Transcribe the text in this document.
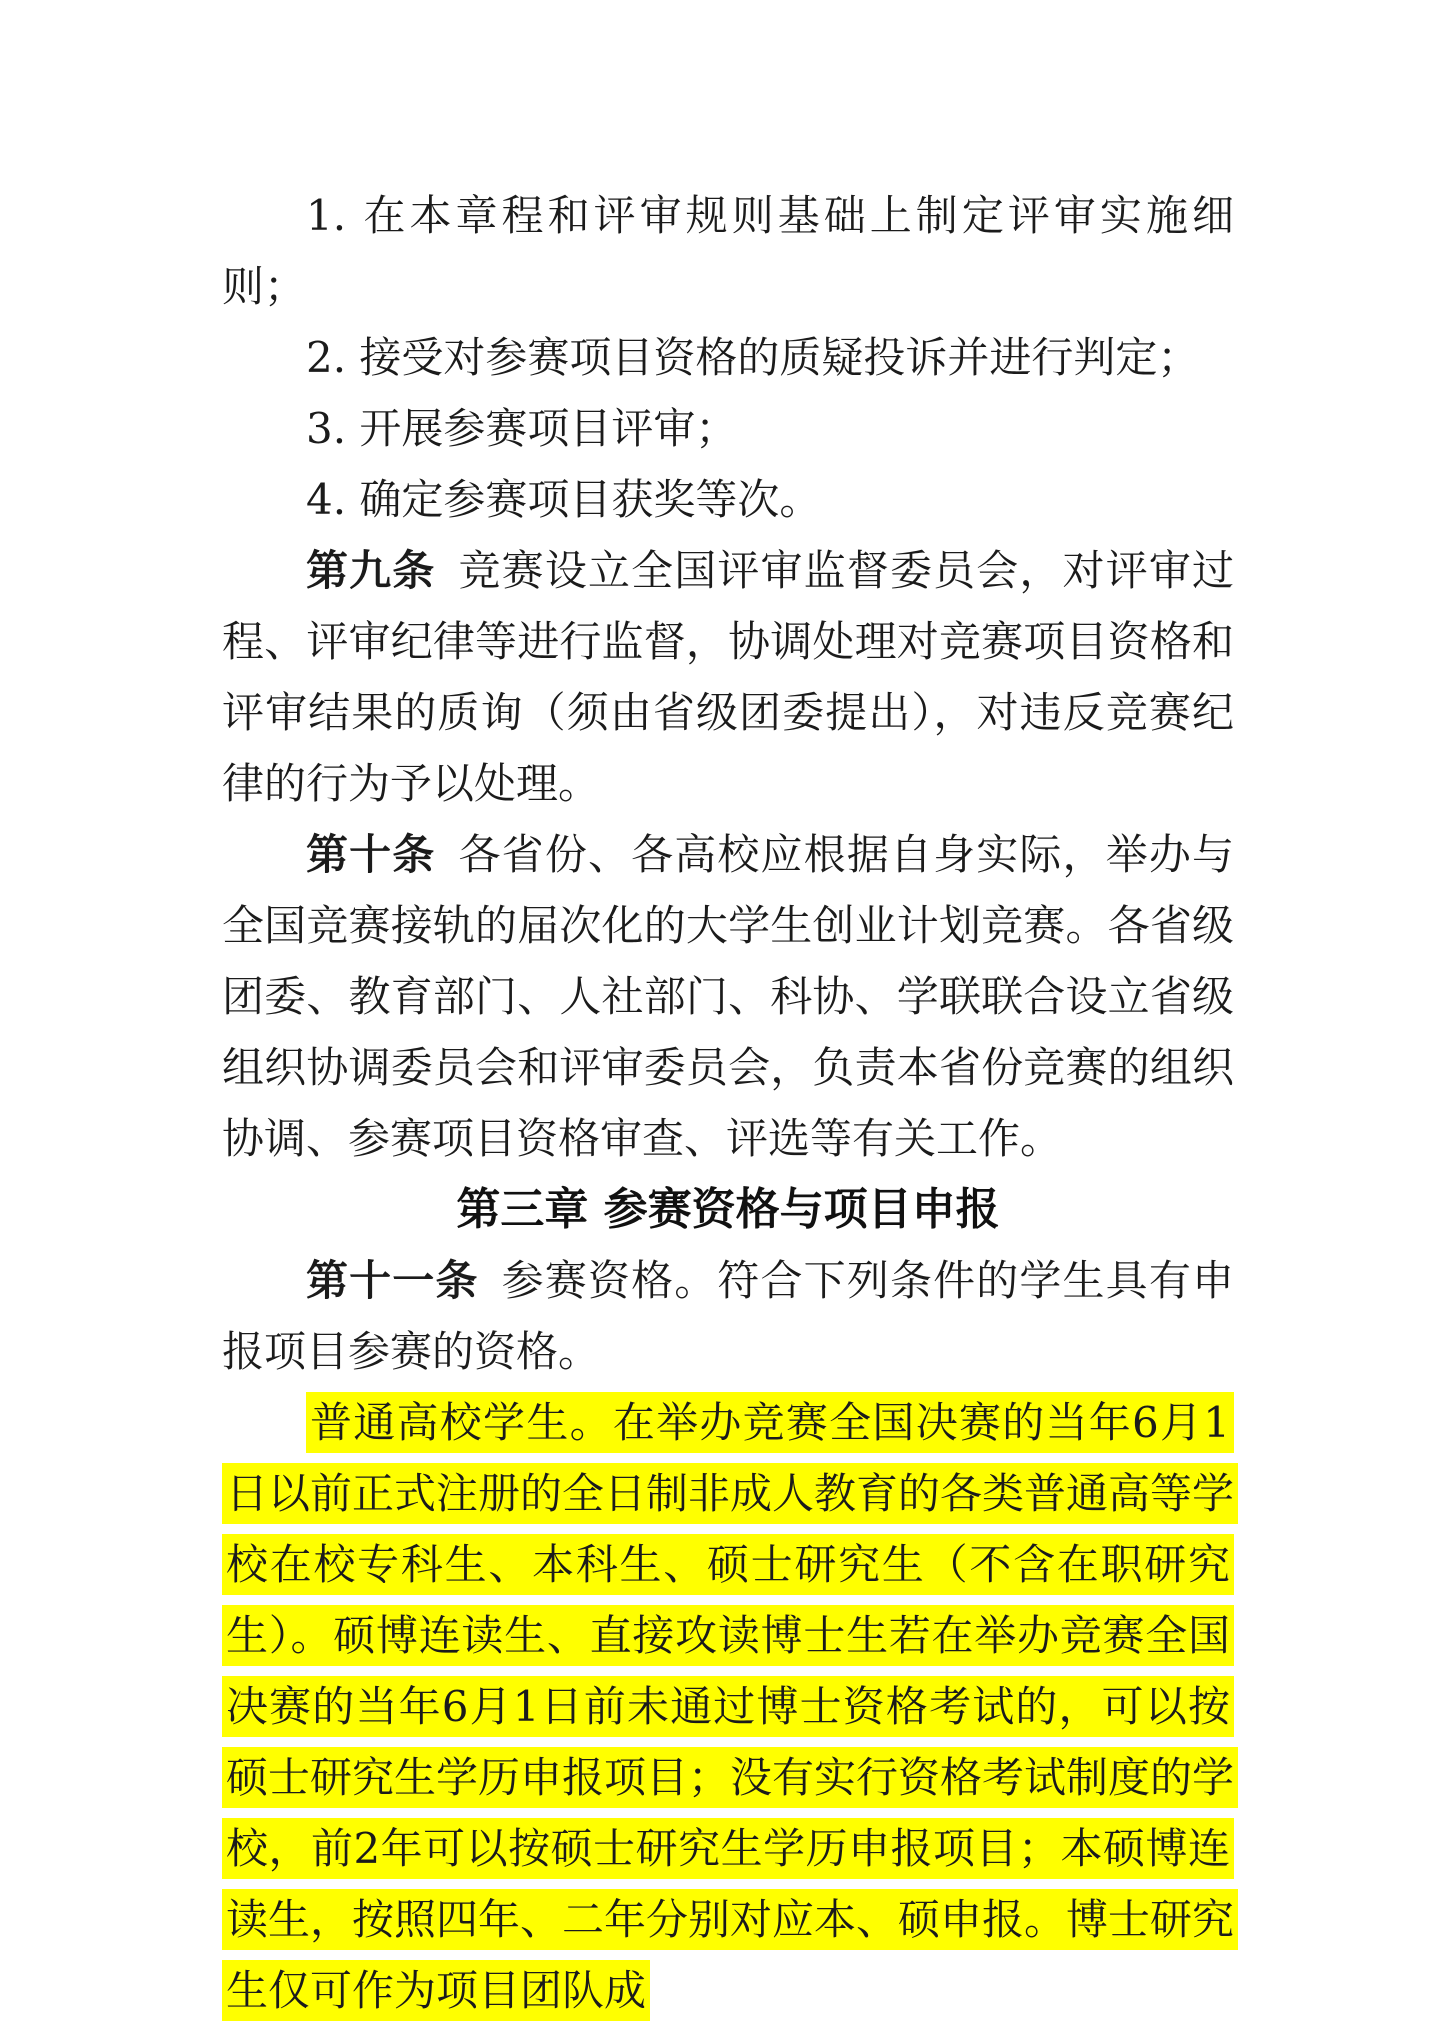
1. 在本章程和评审规则基础上制定评审实施细则；

2. 接受对参赛项目资格的质疑投诉并进行判定；

3. 开展参赛项目评审；

4. 确定参赛项目获奖等次。

第九条 竞赛设立全国评审监督委员会，对评审过程、评审纪律等进行监督，协调处理对竞赛项目资格和评审结果的质询（须由省级团委提出），对违反竞赛纪律的行为予以处理。

第十条 各省份、各高校应根据自身实际，举办与全国竞赛接轨的届次化的大学生创业计划竞赛。各省级团委、教育部门、人社部门、科协、学联联合设立省级组织协调委员会和评审委员会，负责本省份竞赛的组织协调、参赛项目资格审查、评选等有关工作。

第三章 参赛资格与项目申报

第十一条 参赛资格。符合下列条件的学生具有申报项目参赛的资格。

普通高校学生。在举办竞赛全国决赛的当年6月1日以前正式注册的全日制非成人教育的各类普通高等学校在校专科生、本科生、硕士研究生（不含在职研究生）。硕博连读生、直接攻读博士生若在举办竞赛全国决赛的当年6月1日前未通过博士资格考试的，可以按硕士研究生学历申报项目；没有实行资格考试制度的学校，前2年可以按硕士研究生学历申报项目；本硕博连读生，按照四年、二年分别对应本、硕申报。博士研究生仅可作为项目团队成
